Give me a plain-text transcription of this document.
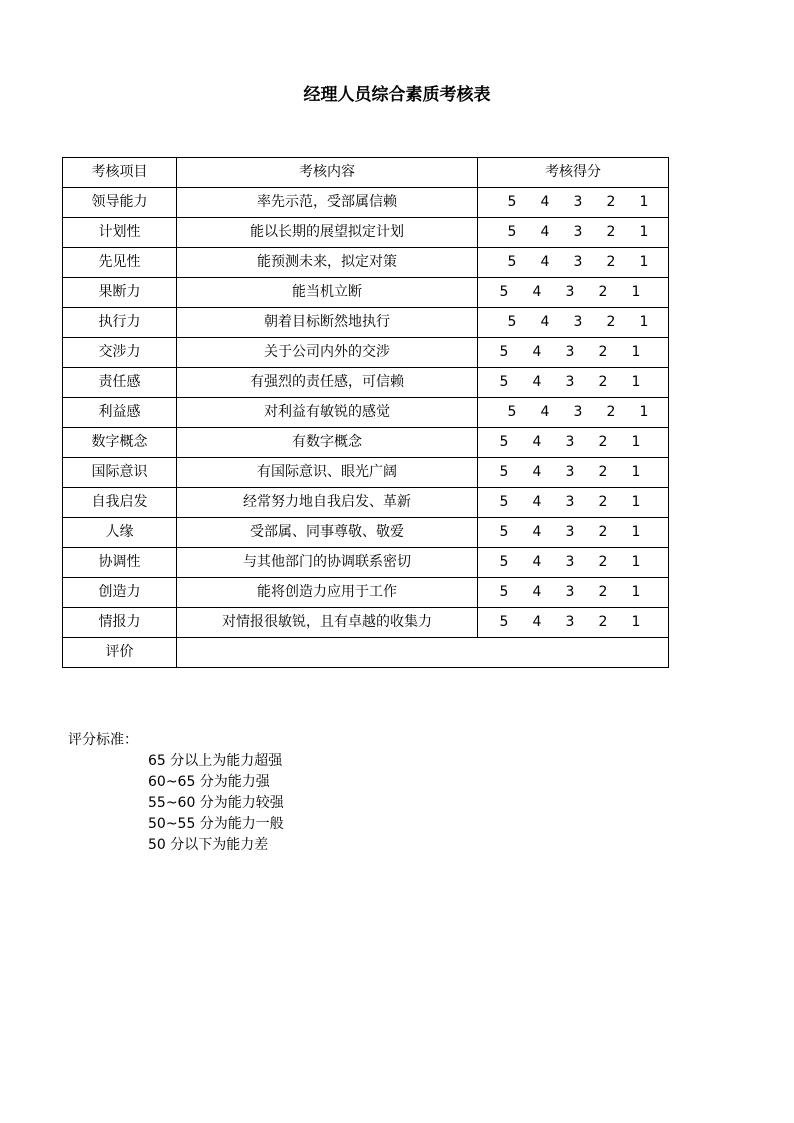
经理人员综合素质考核表
考核项目	考核内容	考核得分
领导能力	率先示范，受部属信赖	5 4 3 2 1

计划性	能以长期的展望拟定计划	5 4 3 2 1

先见性	能预测未来，拟定对策	5 4 3 2 1

果断力	能当机立断	5 4 3 2 1

执行力	朝着目标断然地执行	5 4 3 2 1

交涉力	关于公司内外的交涉	5 4 3 2 1

责任感	有强烈的责任感，可信赖	5 4 3 2 1

利益感	对利益有敏锐的感觉	5 4 3 2 1

数字概念	有数字概念	5 4 3 2 1

国际意识	有国际意识、眼光广阔	5 4 3 2 1

自我启发	经常努力地自我启发、革新	5 4 3 2 1

人缘	受部属、同事尊敬、敬爱	5 4 3 2 1

协调性	与其他部门的协调联系密切	5 4 3 2 1

创造力	能将创造力应用于工作	5 4 3 2 1

情报力	对情报很敏锐，且有卓越的收集力	5 4 3 2 1

评价		
评分标准：
65 分以上为能力超强
60~65 分为能力强
55~60 分为能力较强
50~55 分为能力一般
50 分以下为能力差
